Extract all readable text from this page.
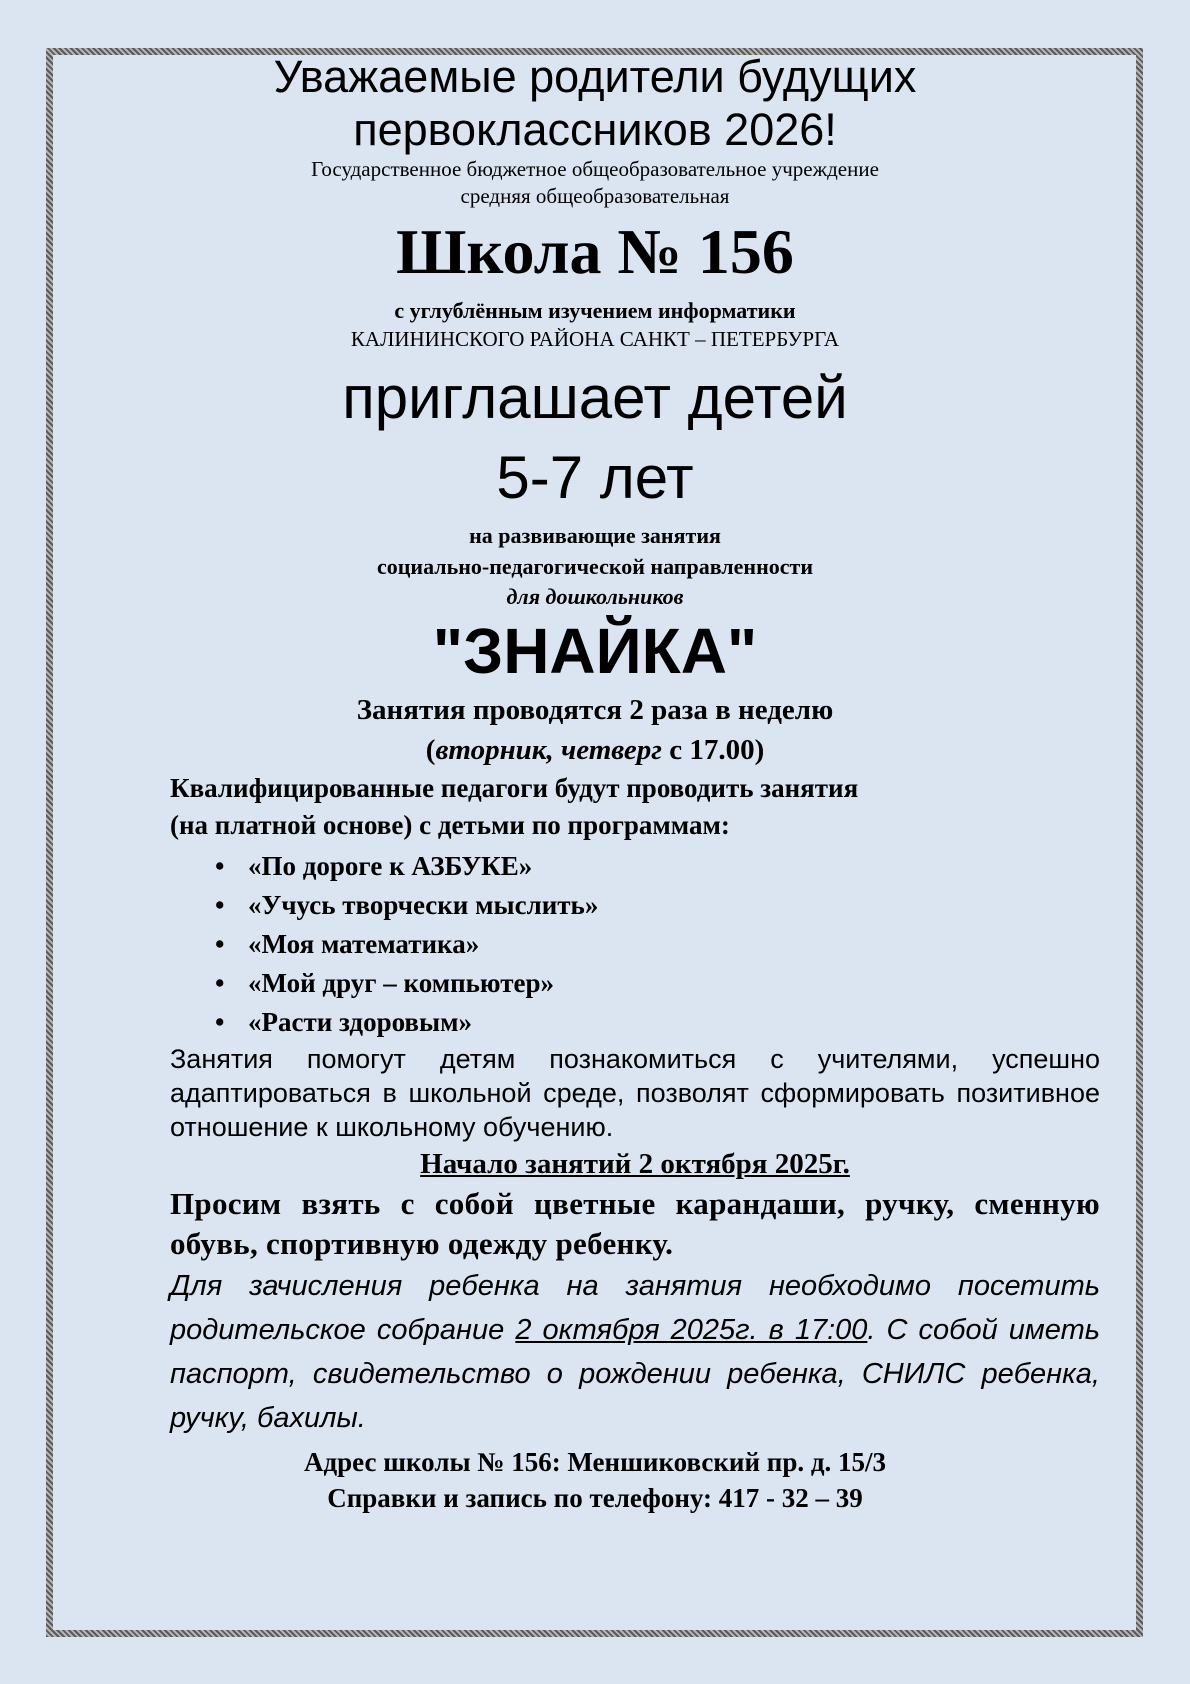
Уважаемые родители будущих
первоклассников 2026!
Государственное бюджетное общеобразовательное учреждение
средняя общеобразовательная
Школа № 156
с углублённым изучением информатики
КАЛИНИНСКОГО РАЙОНА САНКТ – ПЕТЕРБУРГА
приглашает детей
5-7 лет
на развивающие занятия
социально-педагогической направленности
для дошкольников
"ЗНАЙКА"
Занятия проводятся 2 раза в неделю
(вторник, четверг с 17.00)
Квалифицированные педагоги будут проводить занятия
(на платной основе) с детьми по программам:
• «По дороге к АЗБУКЕ»
• «Учусь творчески мыслить»
• «Моя математика»
• «Мой друг – компьютер»
• «Расти здоровым»
Занятия помогут детям познакомиться с учителями, успешно адаптироваться в школьной среде, позволят сформировать позитивное отношение к школьному обучению.
Начало занятий 2 октября 2025г.
Просим взять с собой цветные карандаши, ручку, сменную обувь, спортивную одежду ребенку.
Для зачисления ребенка на занятия необходимо посетить родительское собрание 2 октября 2025г. в 17:00. С собой иметь паспорт, свидетельство о рождении ребенка, СНИЛС ребенка, ручку, бахилы.
Адрес школы № 156: Меншиковский пр. д. 15/3
Справки и запись по телефону: 417 - 32 – 39
